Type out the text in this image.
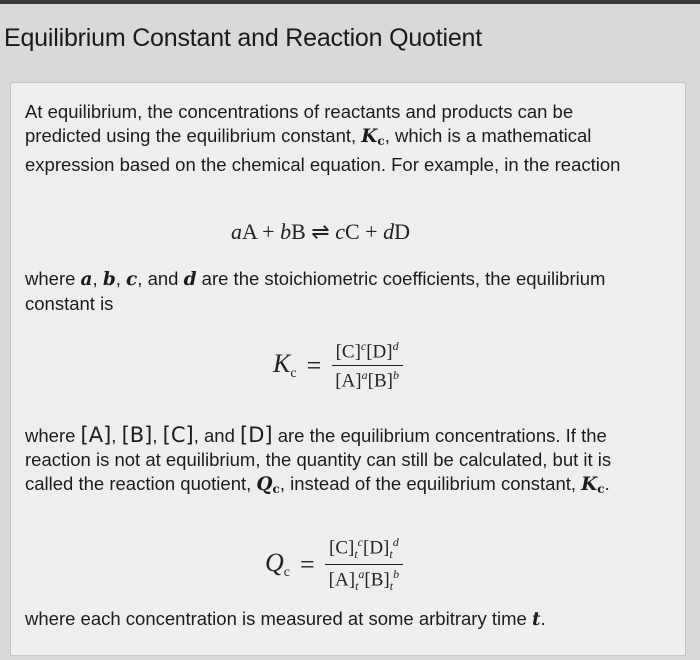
Equilibrium Constant and Reaction Quotient
At equilibrium, the concentrations of reactants and products can be predicted using the equilibrium constant, $K_c$, which is a mathematical expression based on the chemical equation. For example, in the reaction
aA + bB ⇌ cC + dD
where a, b, c, and d are the stoichiometric coefficients, the equilibrium constant is
$Kc = \frac{[C]^c[D]^d}{[A]^a[B]^b}$
where [A], [B], [C], and [D] are the equilibrium concentrations. If the reaction is not at equilibrium, the quantity can still be calculated, but it is called the reaction quotient, $Q_c$, instead of the equilibrium constant, $K_c$.
$Qc = \frac{[C]_t^c[D]_t^d}{[A]_t^a[B]_t^b}$
where each concentration is measured at some arbitrary time t.
